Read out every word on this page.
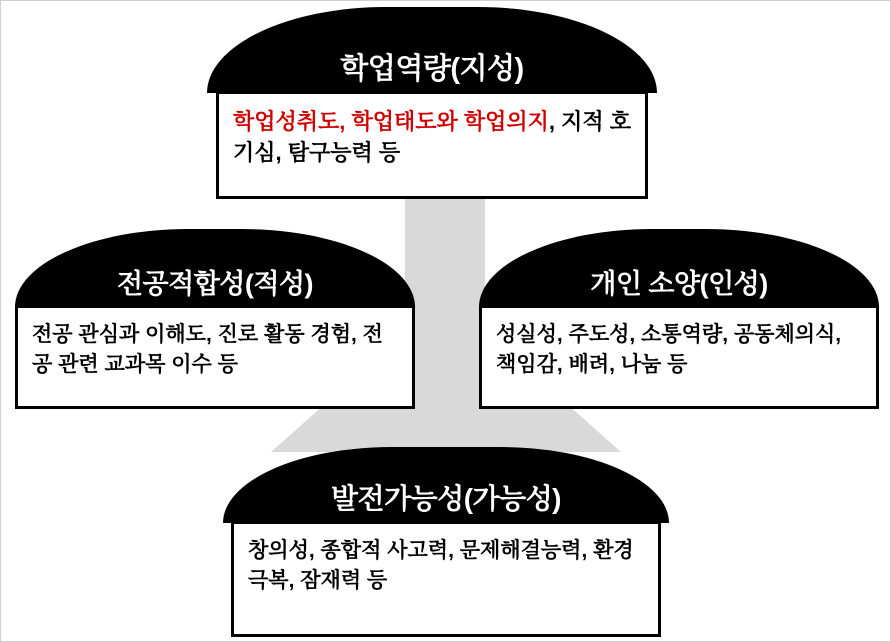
학업역량(지성)
학업성취도, 학업태도와 학업의지, 지적 호기심, 탐구능력 등
전공적합성(적성)
전공 관심과 이해도, 진로 활동 경험, 전공 관련 교과목 이수 등
개인 소양(인성)
성실성, 주도성, 소통역량, 공동체의식, 책임감, 배려, 나눔 등
발전가능성(가능성)
창의성, 종합적 사고력, 문제해결능력, 환경극복, 잠재력 등
